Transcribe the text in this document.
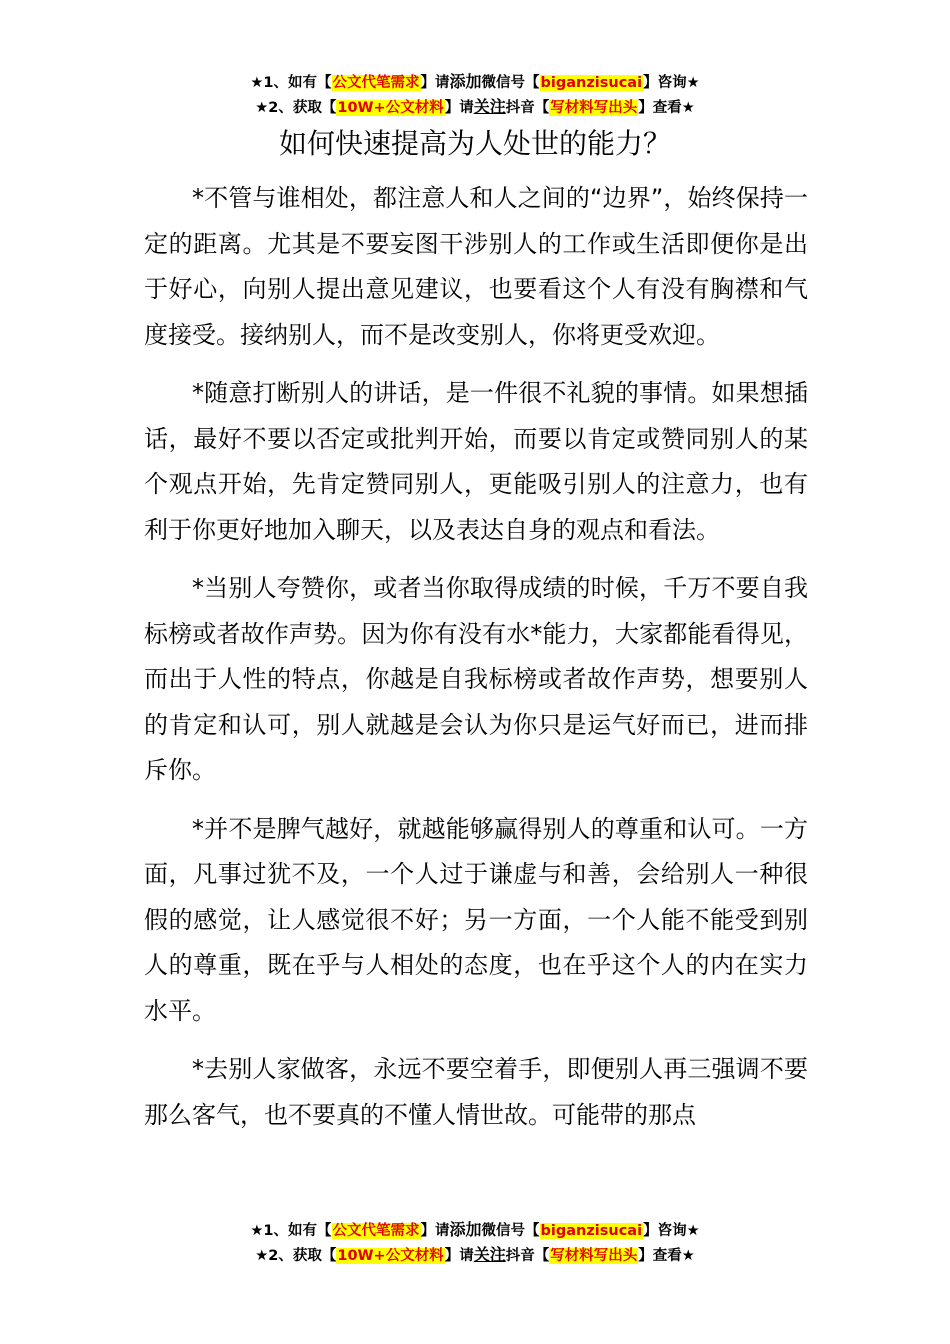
★1、如有【公文代笔需求】请添加微信号【biganzisucai】咨询★
★2、获取【10W+公文材料】请关注抖音【写材料写出头】查看★
如何快速提高为人处世的能力？

*不管与谁相处，都注意人和人之间的“边界”，始终保持一定的距离。尤其是不要妄图干涉别人的工作或生活即便你是出于好心，向别人提出意见建议，也要看这个人有没有胸襟和气度接受。接纳别人，而不是改变别人，你将更受欢迎。

*随意打断别人的讲话，是一件很不礼貌的事情。如果想插话，最好不要以否定或批判开始，而要以肯定或赞同别人的某个观点开始，先肯定赞同别人，更能吸引别人的注意力，也有利于你更好地加入聊天，以及表达自身的观点和看法。

*当别人夸赞你，或者当你取得成绩的时候，千万不要自我标榜或者故作声势。因为你有没有水*能力，大家都能看得见，而出于人性的特点，你越是自我标榜或者故作声势，想要别人的肯定和认可，别人就越是会认为你只是运气好而已，进而排斥你。

*并不是脾气越好，就越能够赢得别人的尊重和认可。一方面，凡事过犹不及，一个人过于谦虚与和善，会给别人一种很假的感觉，让人感觉很不好；另一方面，一个人能不能受到别人的尊重，既在乎与人相处的态度，也在乎这个人的内在实力水平。

*去别人家做客，永远不要空着手，即便别人再三强调不要那么客气，也不要真的不懂人情世故。可能带的那点

★1、如有【公文代笔需求】请添加微信号【biganzisucai】咨询★
★2、获取【10W+公文材料】请关注抖音【写材料写出头】查看★
